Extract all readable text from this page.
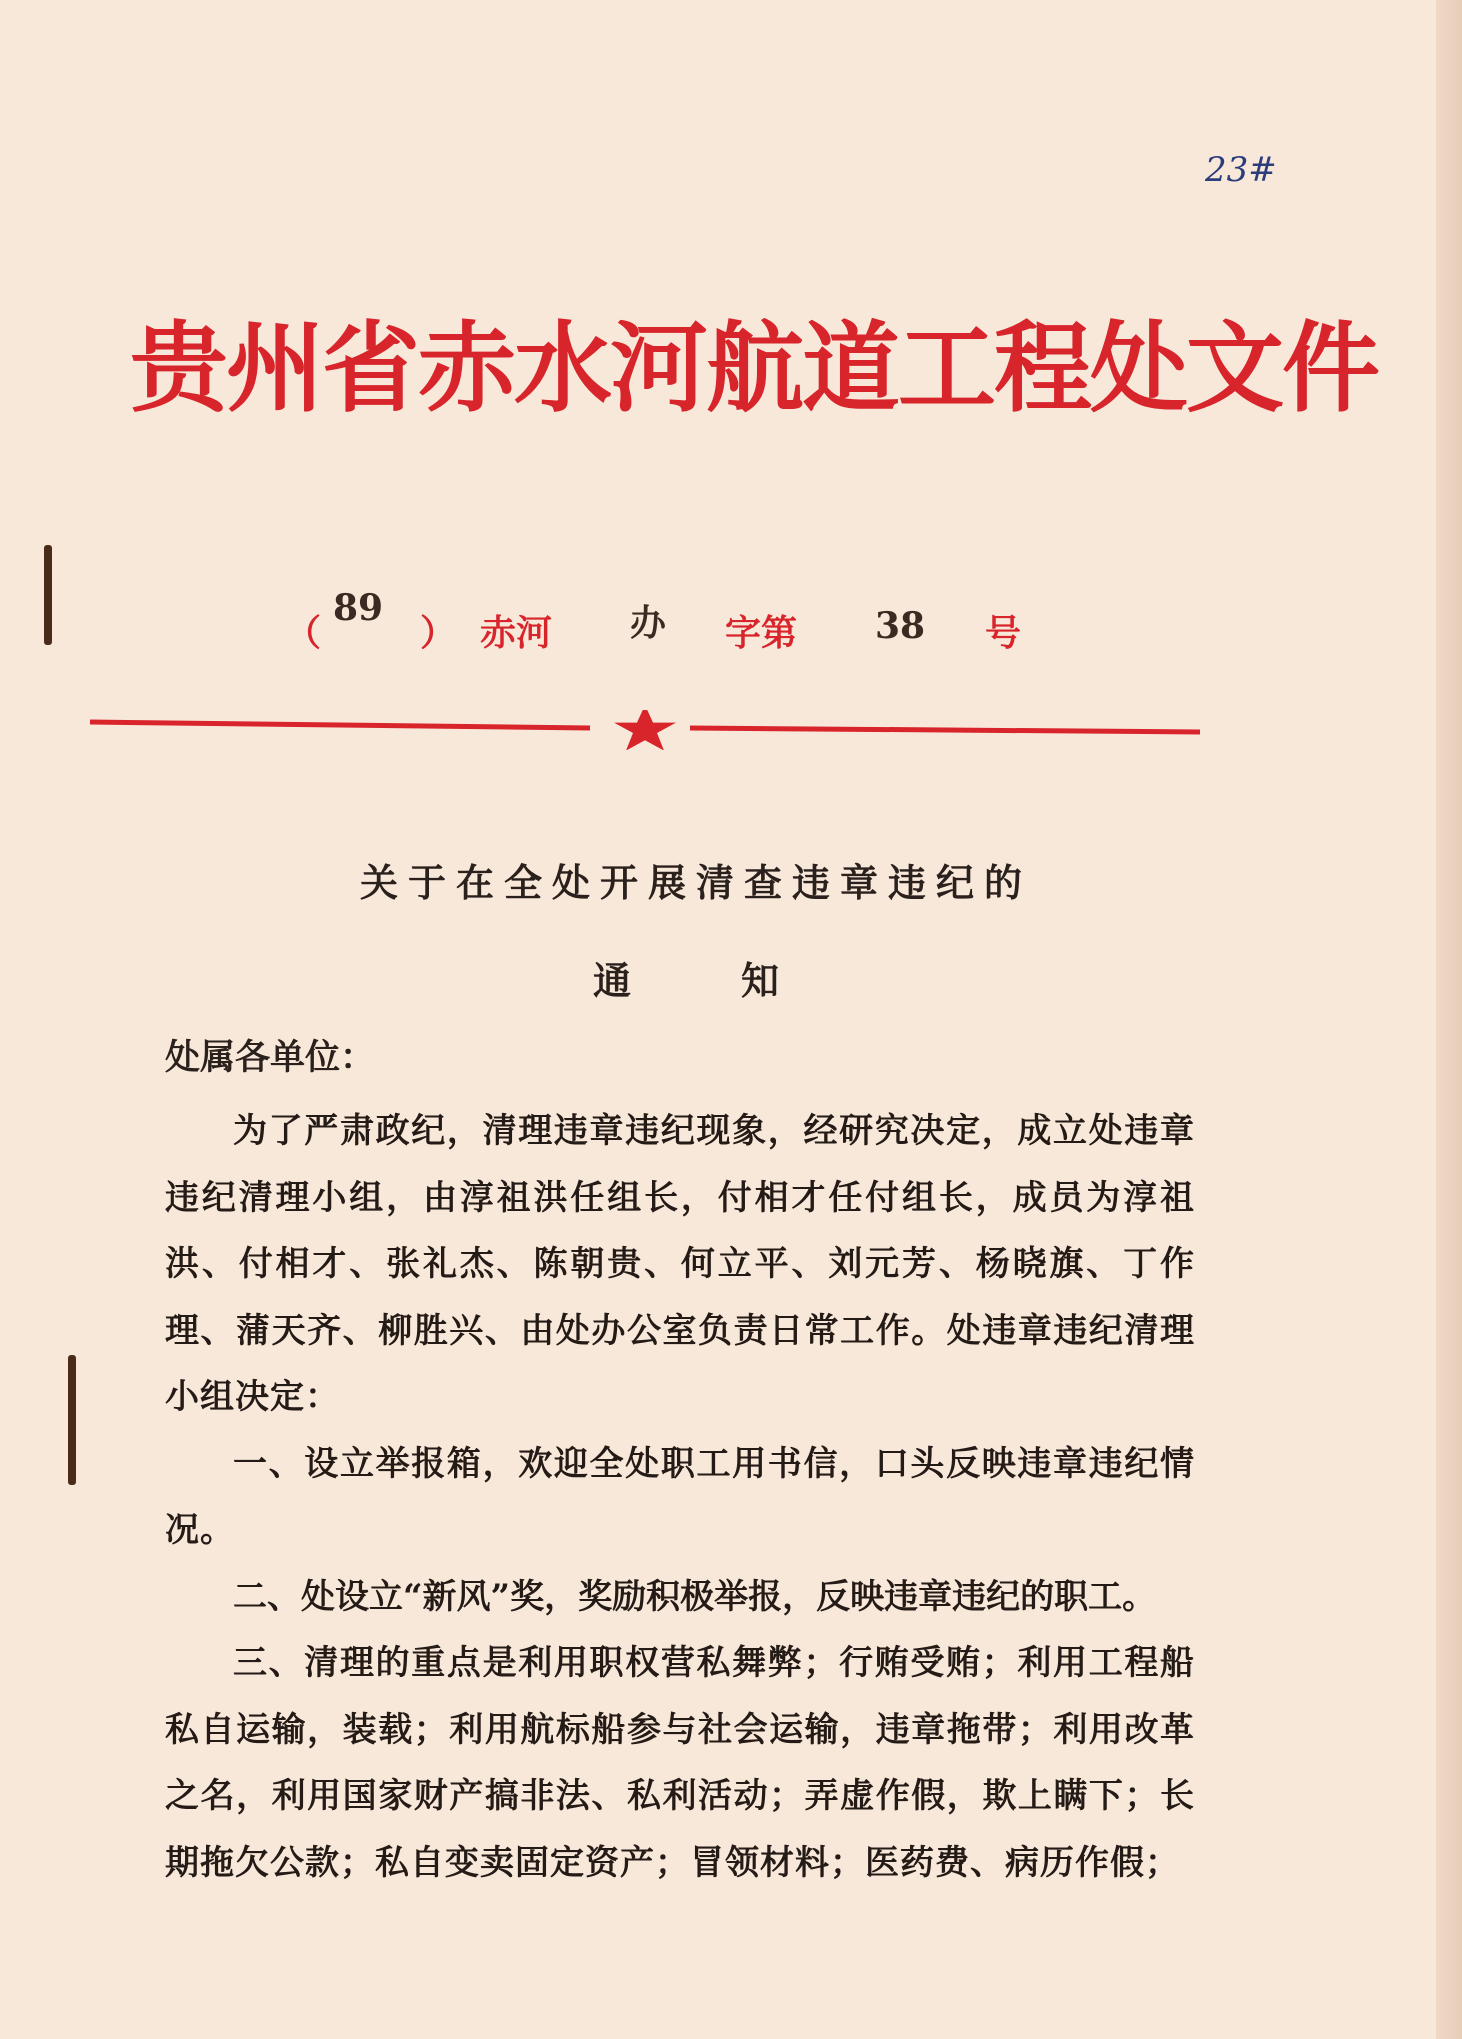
23#
贵州省赤水河航道工程处文件
（
89
） 赤河 办 字第 38 号
关于在全处开展清查违章违纪的
通知
处属各单位：

为了严肃政纪，清理违章违纪现象，经研究决定，成立处违章违纪清理小组，由淳祖洪任组长，付相才任付组长，成员为淳祖洪、付相才、张礼杰、陈朝贵、何立平、刘元芳、杨晓旗、丁作理、蒲天齐、柳胜兴、由处办公室负责日常工作。处违章违纪清理小组决定：

一、设立举报箱，欢迎全处职工用书信，口头反映违章违纪情况。

二、处设立“新风”奖，奖励积极举报，反映违章违纪的职工。

三、清理的重点是利用职权营私舞弊；行贿受贿；利用工程船私自运输，装载；利用航标船参与社会运输，违章拖带；利用改革之名，利用国家财产搞非法、私利活动；弄虚作假，欺上瞒下；长期拖欠公款；私自变卖固定资产；冒领材料；医药费、病历作假；
